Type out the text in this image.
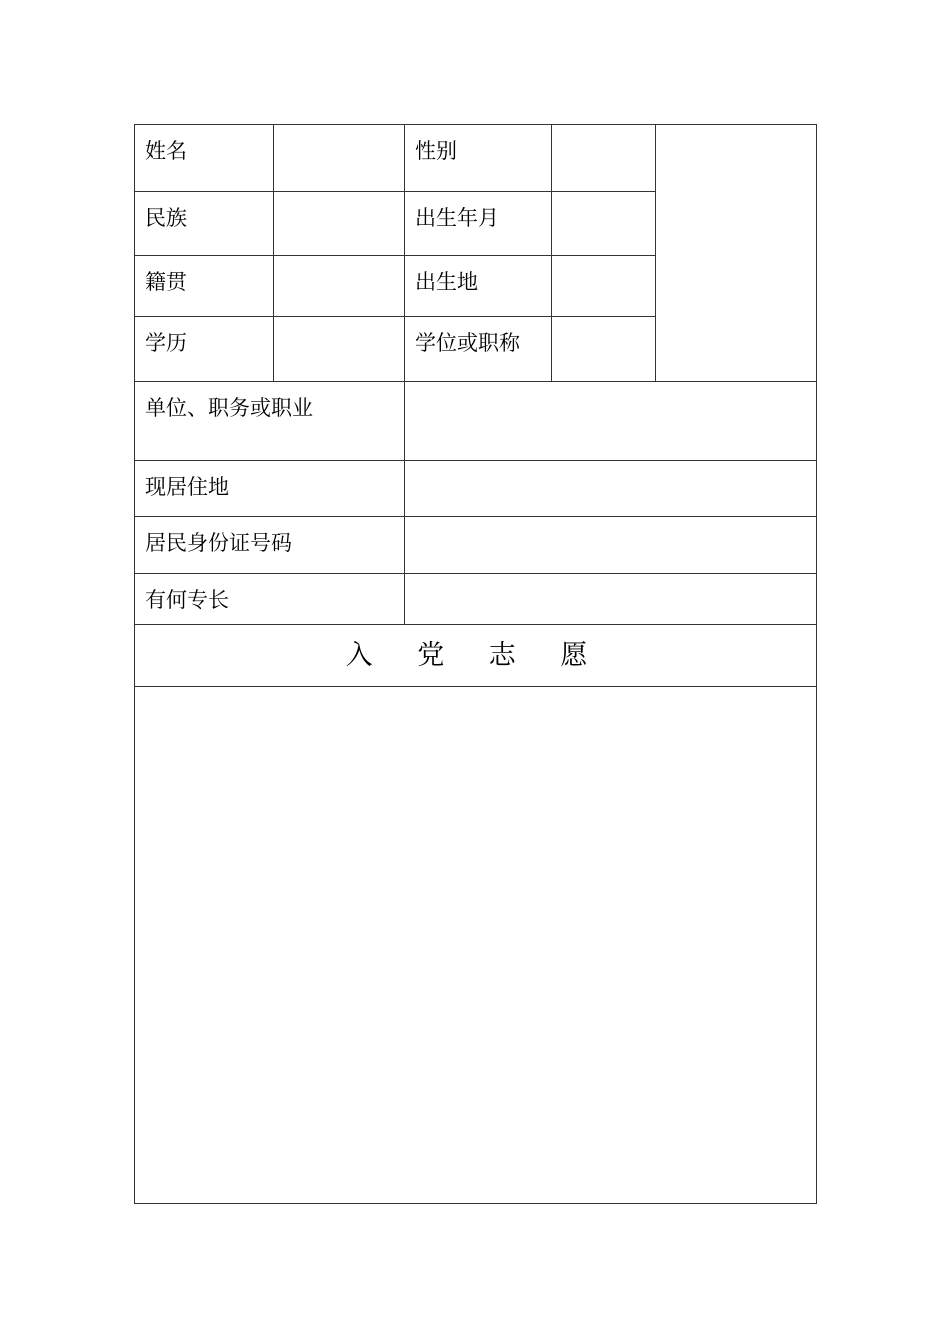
姓名		性别		
民族		出生年月		
籍贯		出生地		
学历		学位或职称		
单位、职务或职业				
现居住地				
居民身份证号码				
有何专长				
入 党 志 愿				
